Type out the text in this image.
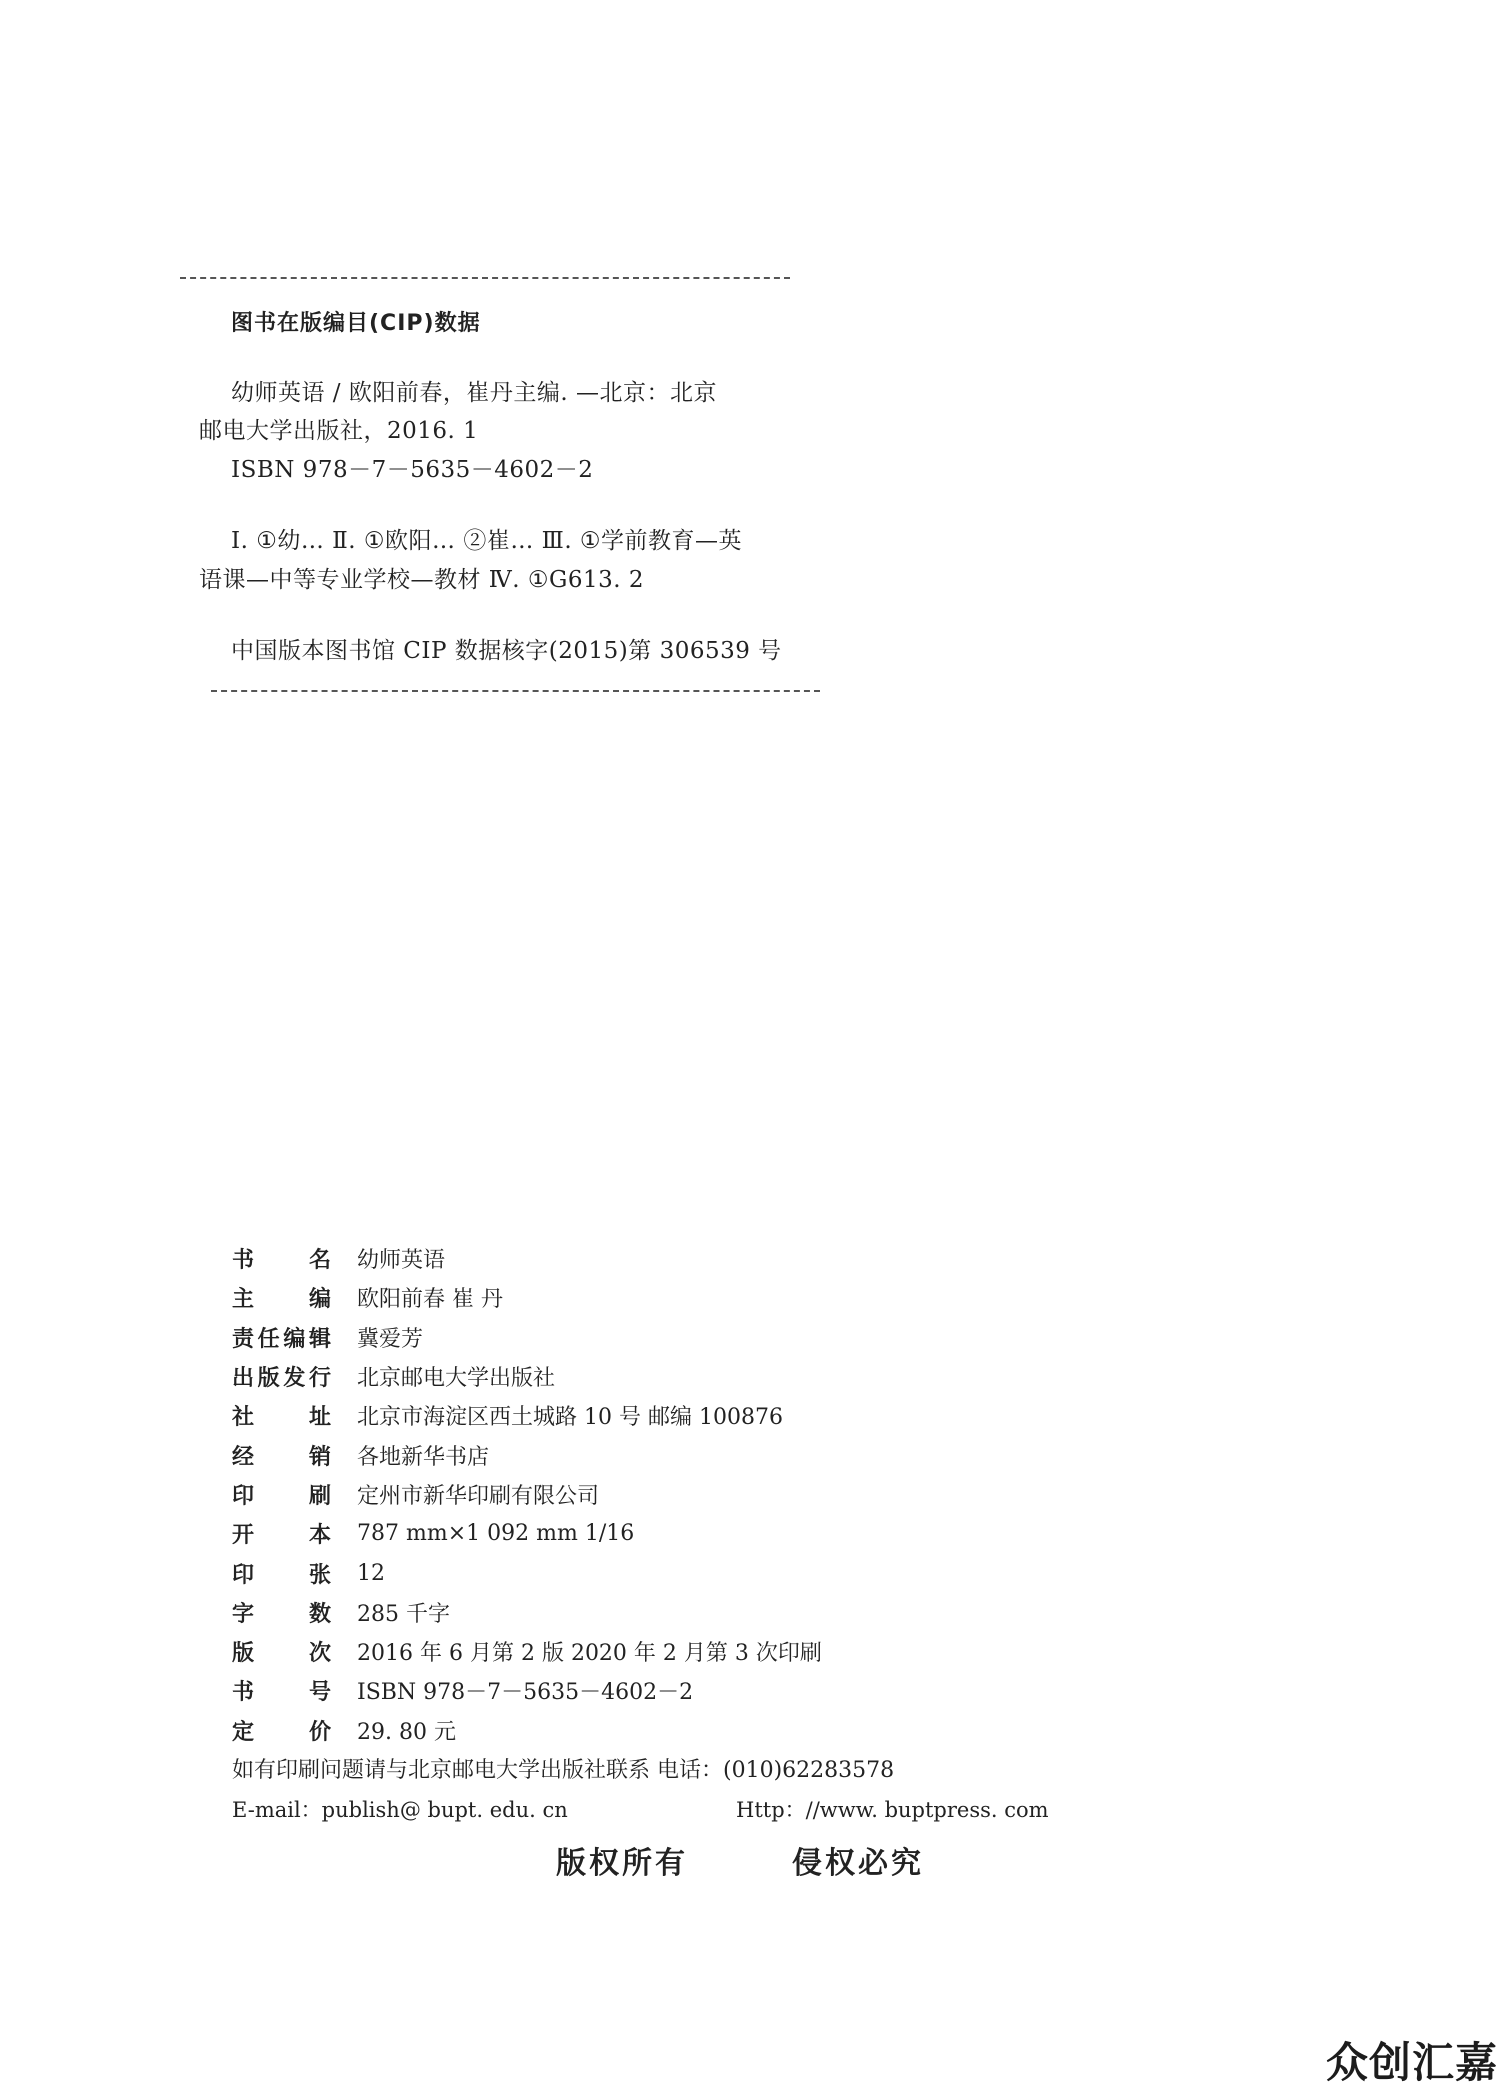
图书在版编目(CIP)数据
幼师英语 / 欧阳前春，崔丹主编. —北京：北京
邮电大学出版社，2016. 1
ISBN 978－7－5635－4602－2
Ⅰ. ①幼… Ⅱ. ①欧阳… ②崔… Ⅲ. ①学前教育—英
语课—中等专业学校—教材 Ⅳ. ①G613. 2
中国版本图书馆 CIP 数据核字(2015)第 306539 号
书 名 幼师英语
主 编 欧阳前春 崔 丹
责 任 编 辑 冀爱芳
出 版 发 行 北京邮电大学出版社
社 址 北京市海淀区西土城路 10 号 邮编 100876
经 销 各地新华书店
印 刷 定州市新华印刷有限公司
开 本 787 mm×1 092 mm 1/16
印 张 12
字 数 285 千字
版 次 2016 年 6 月第 2 版 2020 年 2 月第 3 次印刷
书 号 ISBN 978－7－5635－4602－2
定 价 29. 80 元
如有印刷问题请与北京邮电大学出版社联系 电话：(010)62283578
E-mail：publish@ bupt. edu. cn	Http：//www. buptpress. com
版权所有	侵权必究
众创汇嘉
